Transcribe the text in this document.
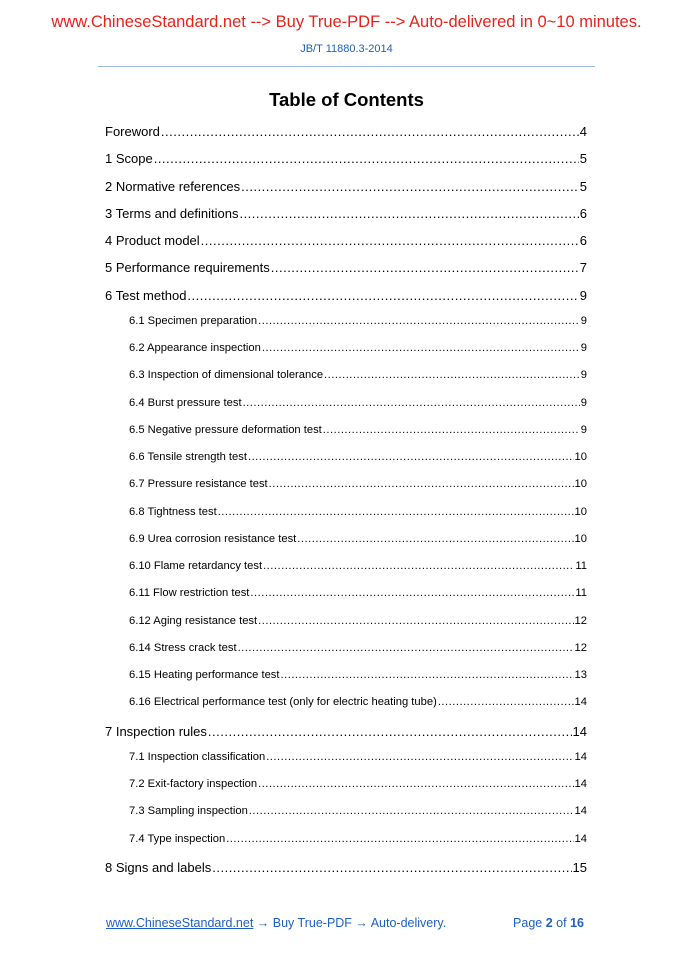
www.ChineseStandard.net --> Buy True-PDF --> Auto-delivered in 0~10 minutes.
JB/T 11880.3-2014
Table of Contents
Foreword .....	4
1 Scope .....	5
2 Normative references .....	5
3 Terms and definitions .....	6
4 Product model .....	6
5 Performance requirements .....	7
6 Test method .....	9
6.1 Specimen preparation .....	9
6.2 Appearance inspection .....	9
6.3 Inspection of dimensional tolerance .....	9
6.4 Burst pressure test .....	9
6.5 Negative pressure deformation test .....	9
6.6 Tensile strength test .....	10
6.7 Pressure resistance test .....	10
6.8 Tightness test .....	10
6.9 Urea corrosion resistance test .....	10
6.10 Flame retardancy test .....	11
6.11 Flow restriction test .....	11
6.12 Aging resistance test .....	12
6.14 Stress crack test .....	12
6.15 Heating performance test .....	13
6.16 Electrical performance test (only for electric heating tube) .....	14
7 Inspection rules .....	14
7.1 Inspection classification .....	14
7.2 Exit-factory inspection .....	14
7.3 Sampling inspection .....	14
7.4 Type inspection .....	14
8 Signs and labels .....	15
www.ChineseStandard.net → Buy True-PDF → Auto-delivery.	Page 2 of 16
